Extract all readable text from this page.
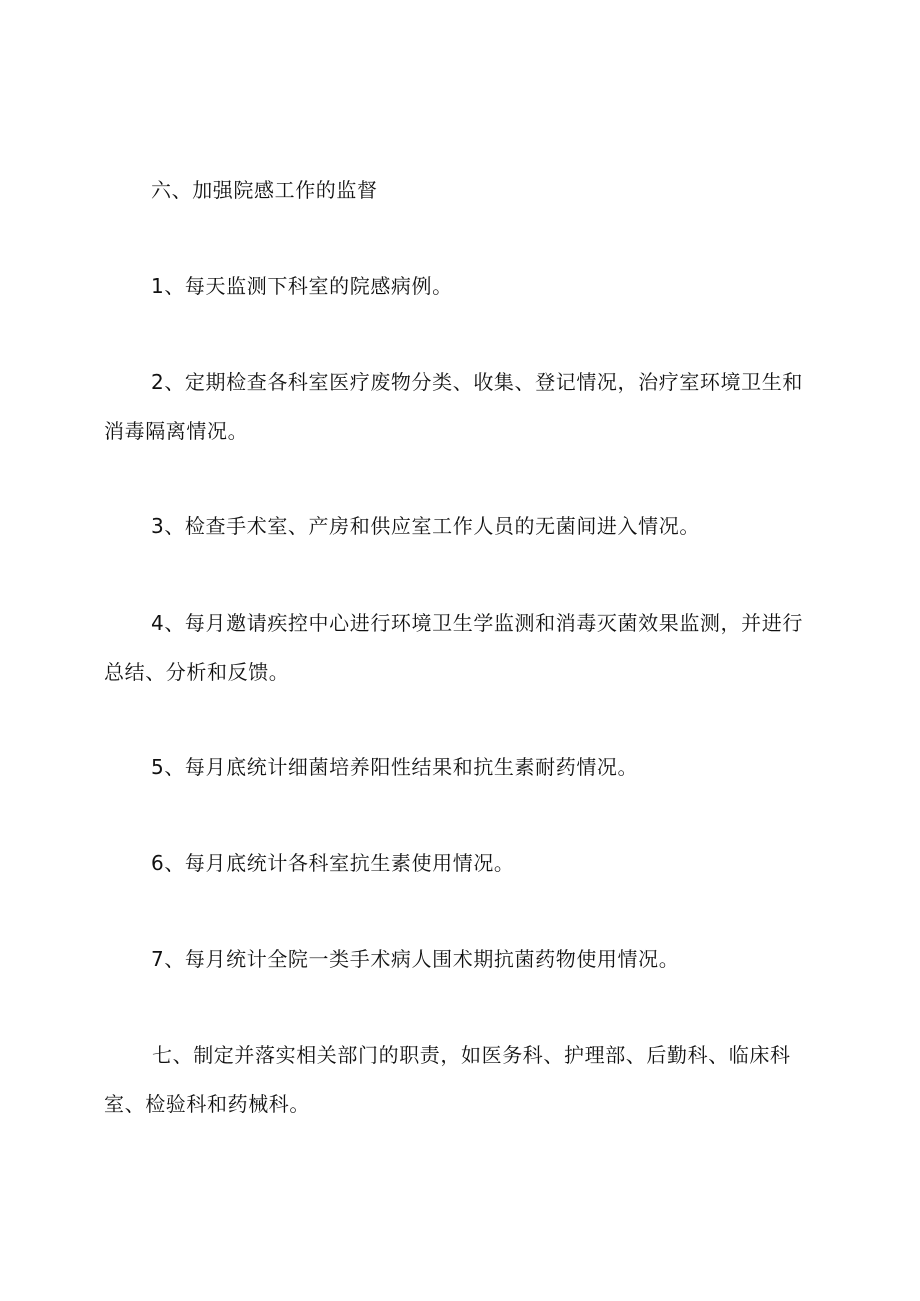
六、加强院感工作的监督

1、每天监测下科室的院感病例。

2、定期检查各科室医疗废物分类、收集、登记情况，治疗室环境卫生和消毒隔离情况。

3、检查手术室、产房和供应室工作人员的无菌间进入情况。

4、每月邀请疾控中心进行环境卫生学监测和消毒灭菌效果监测，并进行总结、分析和反馈。

5、每月底统计细菌培养阳性结果和抗生素耐药情况。

6、每月底统计各科室抗生素使用情况。

7、每月统计全院一类手术病人围术期抗菌药物使用情况。

七、制定并落实相关部门的职责，如医务科、护理部、后勤科、临床科室、检验科和药械科。
